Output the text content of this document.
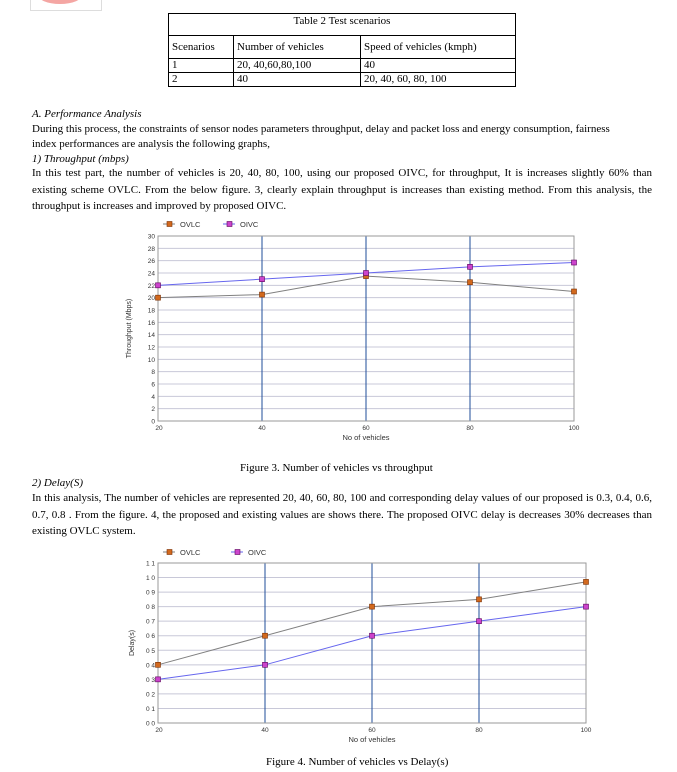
Table 2 Test scenarios		
Scenarios	Number of vehicles	Speed of vehicles (kmph)
1	20, 40,60,80,100	40
2	40	20, 40, 60, 80, 100
A. Performance Analysis
During this process, the constraints of sensor nodes parameters throughput, delay and packet loss and energy consumption, fairness
index performances are analysis the following graphs,
1) Throughput (mbps)
In this test part, the number of vehicles is 20, 40, 80, 100, using our proposed OIVC, for throughput, It is increases slightly 60% than existing scheme OVLC. From the below figure. 3, clearly explain throughput is increases than existing method. From this analysis, the throughput is increases and improved by proposed OIVC.
0
2
4
6
8
10
12
14
16
18
20
22
24
26
28
30
20	40	60	80	100
No of vehicles
Throughput (Mbps)
OVLC	OIVC
Figure 3. Number of vehicles vs throughput
2) Delay(S)
In this analysis, The number of vehicles are represented 20, 40, 60, 80, 100 and corresponding delay values of our proposed is 0.3, 0.4, 0.6, 0.7, 0.8 . From the figure. 4, the proposed and existing values are shows there. The proposed OIVC delay is decreases 30% decreases than existing OVLC system.
0 0
0 1
0 2
0 3
0 4
0 5
0 6
0 7
0 8
0 9
1 0
1 1
20	40	60	80	100
No of vehicles
Delay(s)
OVLC	OIVC
Figure 4. Number of vehicles vs Delay(s)
